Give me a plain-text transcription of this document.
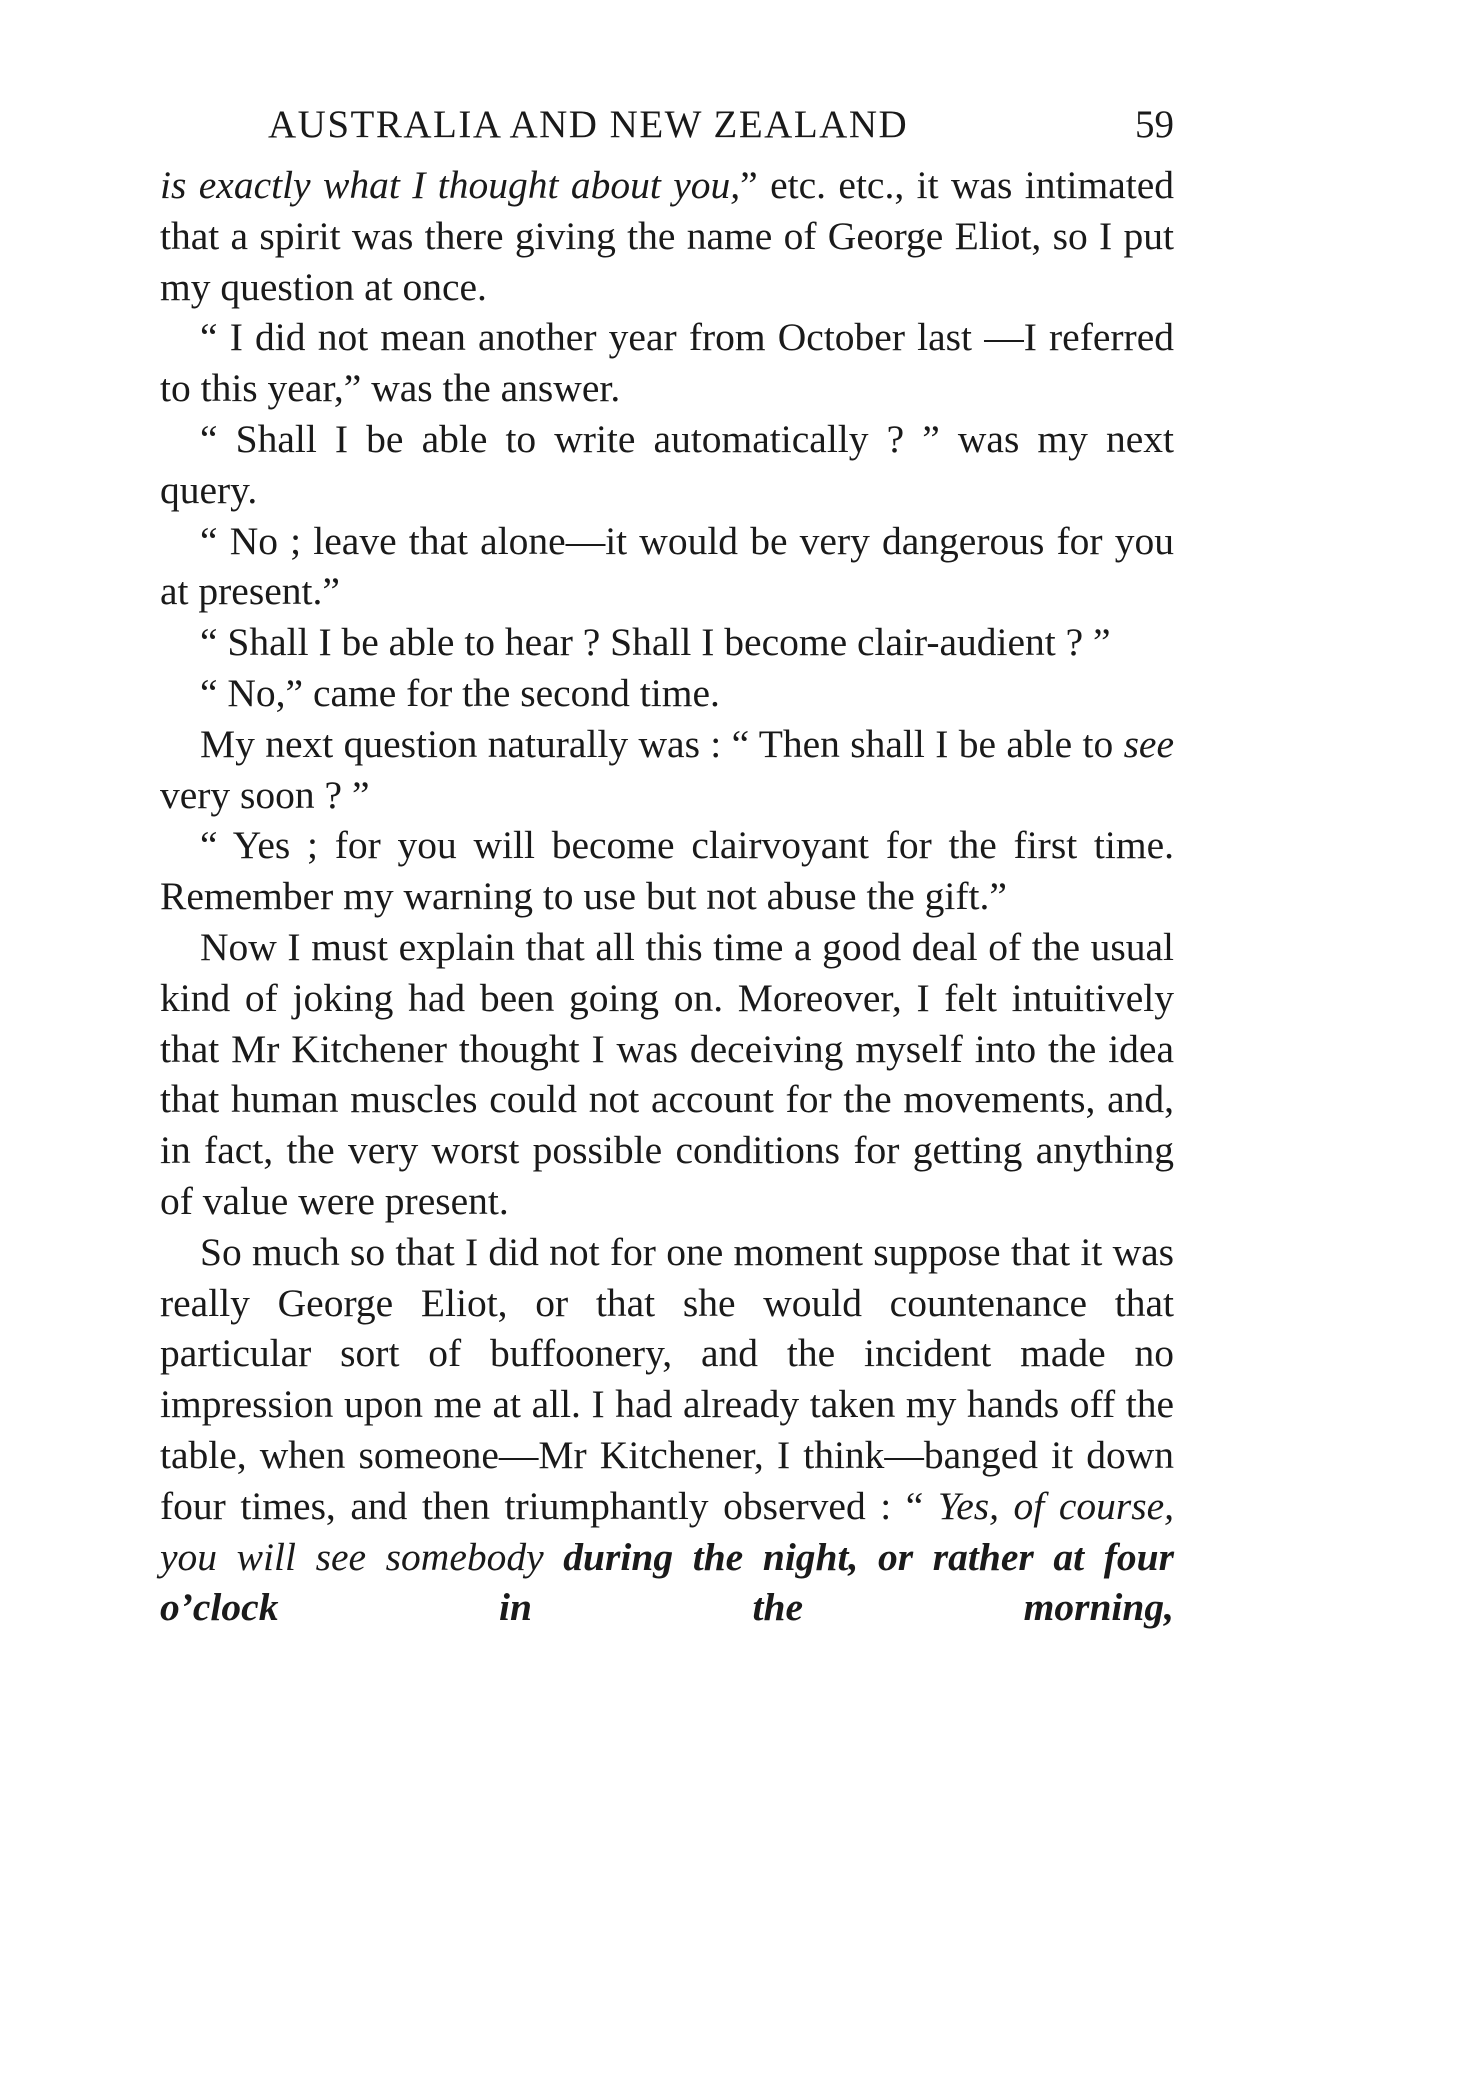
AUSTRALIA AND NEW ZEALAND	59

is exactly what I thought about you,” etc. etc., it was intimated that a spirit was there giving the name of George Eliot, so I put my question at once.

“ I did not mean another year from October last —I referred to this year,” was the answer.

“ Shall I be able to write automatically ? ” was my next query.

“ No ; leave that alone—it would be very dangerous for you at present.”

“ Shall I be able to hear ? Shall I become clair-audient ? ”

“ No,” came for the second time.

My next question naturally was : “ Then shall I be able to see very soon ? ”

“ Yes ; for you will become clairvoyant for the first time. Remember my warning to use but not abuse the gift.”

Now I must explain that all this time a good deal of the usual kind of joking had been going on. Moreover, I felt intuitively that Mr Kitchener thought I was deceiving myself into the idea that human muscles could not account for the movements, and, in fact, the very worst possible conditions for getting anything of value were present.

So much so that I did not for one moment suppose that it was really George Eliot, or that she would countenance that particular sort of buffoonery, and the incident made no impression upon me at all. I had already taken my hands off the table, when someone—Mr Kitchener, I think—banged it down four times, and then triumphantly observed : “ Yes, of course, you will see somebody during the night, or rather at four o’clock in the morning,
